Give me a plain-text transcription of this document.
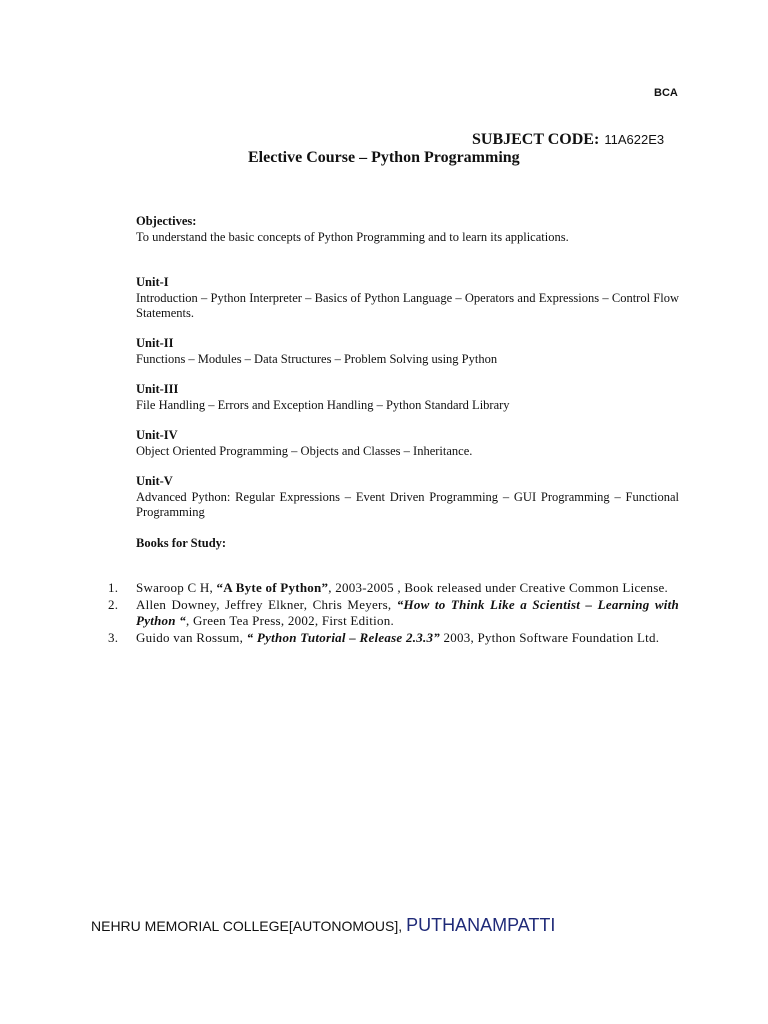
BCA
SUBJECT CODE: 11A622E3
Elective Course – Python Programming
Objectives:
To understand the basic concepts of Python Programming and to learn its applications.
Unit-I
Introduction – Python Interpreter – Basics of Python Language – Operators and Expressions – Control Flow Statements.
Unit-II
Functions – Modules – Data Structures – Problem Solving using Python
Unit-III
File Handling – Errors and Exception Handling – Python Standard Library
Unit-IV
Object Oriented Programming – Objects and Classes – Inheritance.
Unit-V
Advanced Python: Regular Expressions – Event Driven Programming – GUI Programming – Functional Programming
Books for Study:
1. Swaroop C H, “A Byte of Python”, 2003-2005 , Book released under Creative Common License.
2. Allen Downey, Jeffrey Elkner, Chris Meyers, “How to Think Like a Scientist – Learning with Python “, Green Tea Press, 2002, First Edition.
3. Guido van Rossum, “ Python Tutorial – Release 2.3.3” 2003, Python Software Foundation Ltd.
NEHRU MEMORIAL COLLEGE[AUTONOMOUS], PUTHANAMPATTI
